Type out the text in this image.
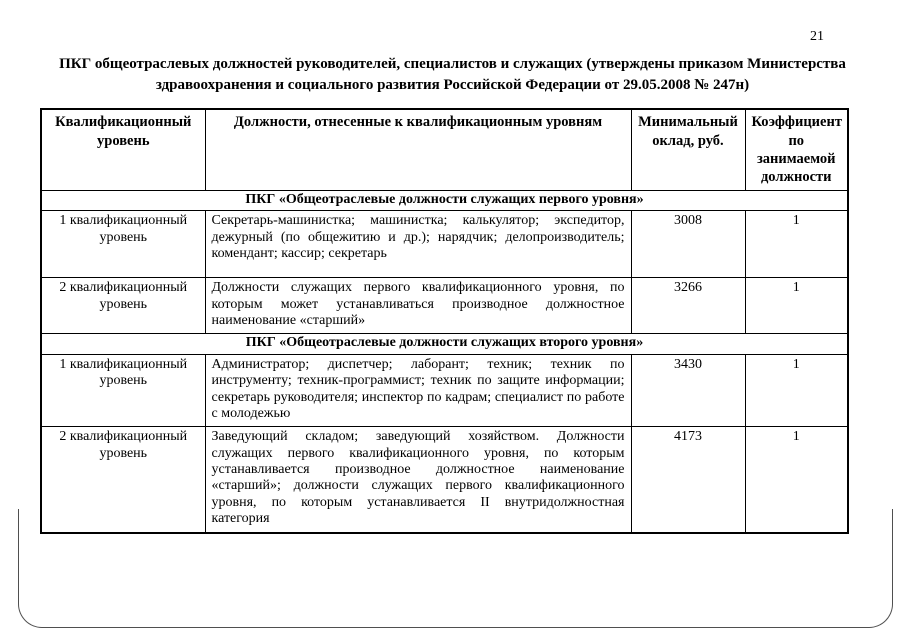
21
ПКГ общеотраслевых должностей руководителей, специалистов и служащих (утверждены приказом Министерства здравоохранения и социального развития Российской Федерации от 29.05.2008 № 247н)
Квалификационный уровень	Должности, отнесенные к квалификационным уровням	Минимальный оклад, руб.	Коэффициент по занимаемой должности
ПКГ «Общеотраслевые должности служащих первого уровня»			
1 квалификационный уровень	Секретарь-машинистка; машинистка; калькулятор; экспедитор, дежурный (по общежитию и др.); нарядчик; делопроизводитель; комендант; кассир; секретарь	3008	1
2 квалификационный уровень	Должности служащих первого квалификационного уровня, по которым может устанавливаться производное должностное наименование «старший»	3266	1
ПКГ «Общеотраслевые должности служащих второго уровня»			
1 квалификационный уровень	Администратор; диспетчер; лаборант; техник; техник по инструменту; техник-программист; техник по защите информации; секретарь руководителя; инспектор по кадрам; специалист по работе с молодежью	3430	1
2 квалификационный уровень	Заведующий складом; заведующий хозяйством. Должности служащих первого квалификационного уровня, по которым устанавливается производное должностное наименование «старший»; должности служащих первого квалификационного уровня, по которым устанавливается II внутридолжностная категория	4173	1
